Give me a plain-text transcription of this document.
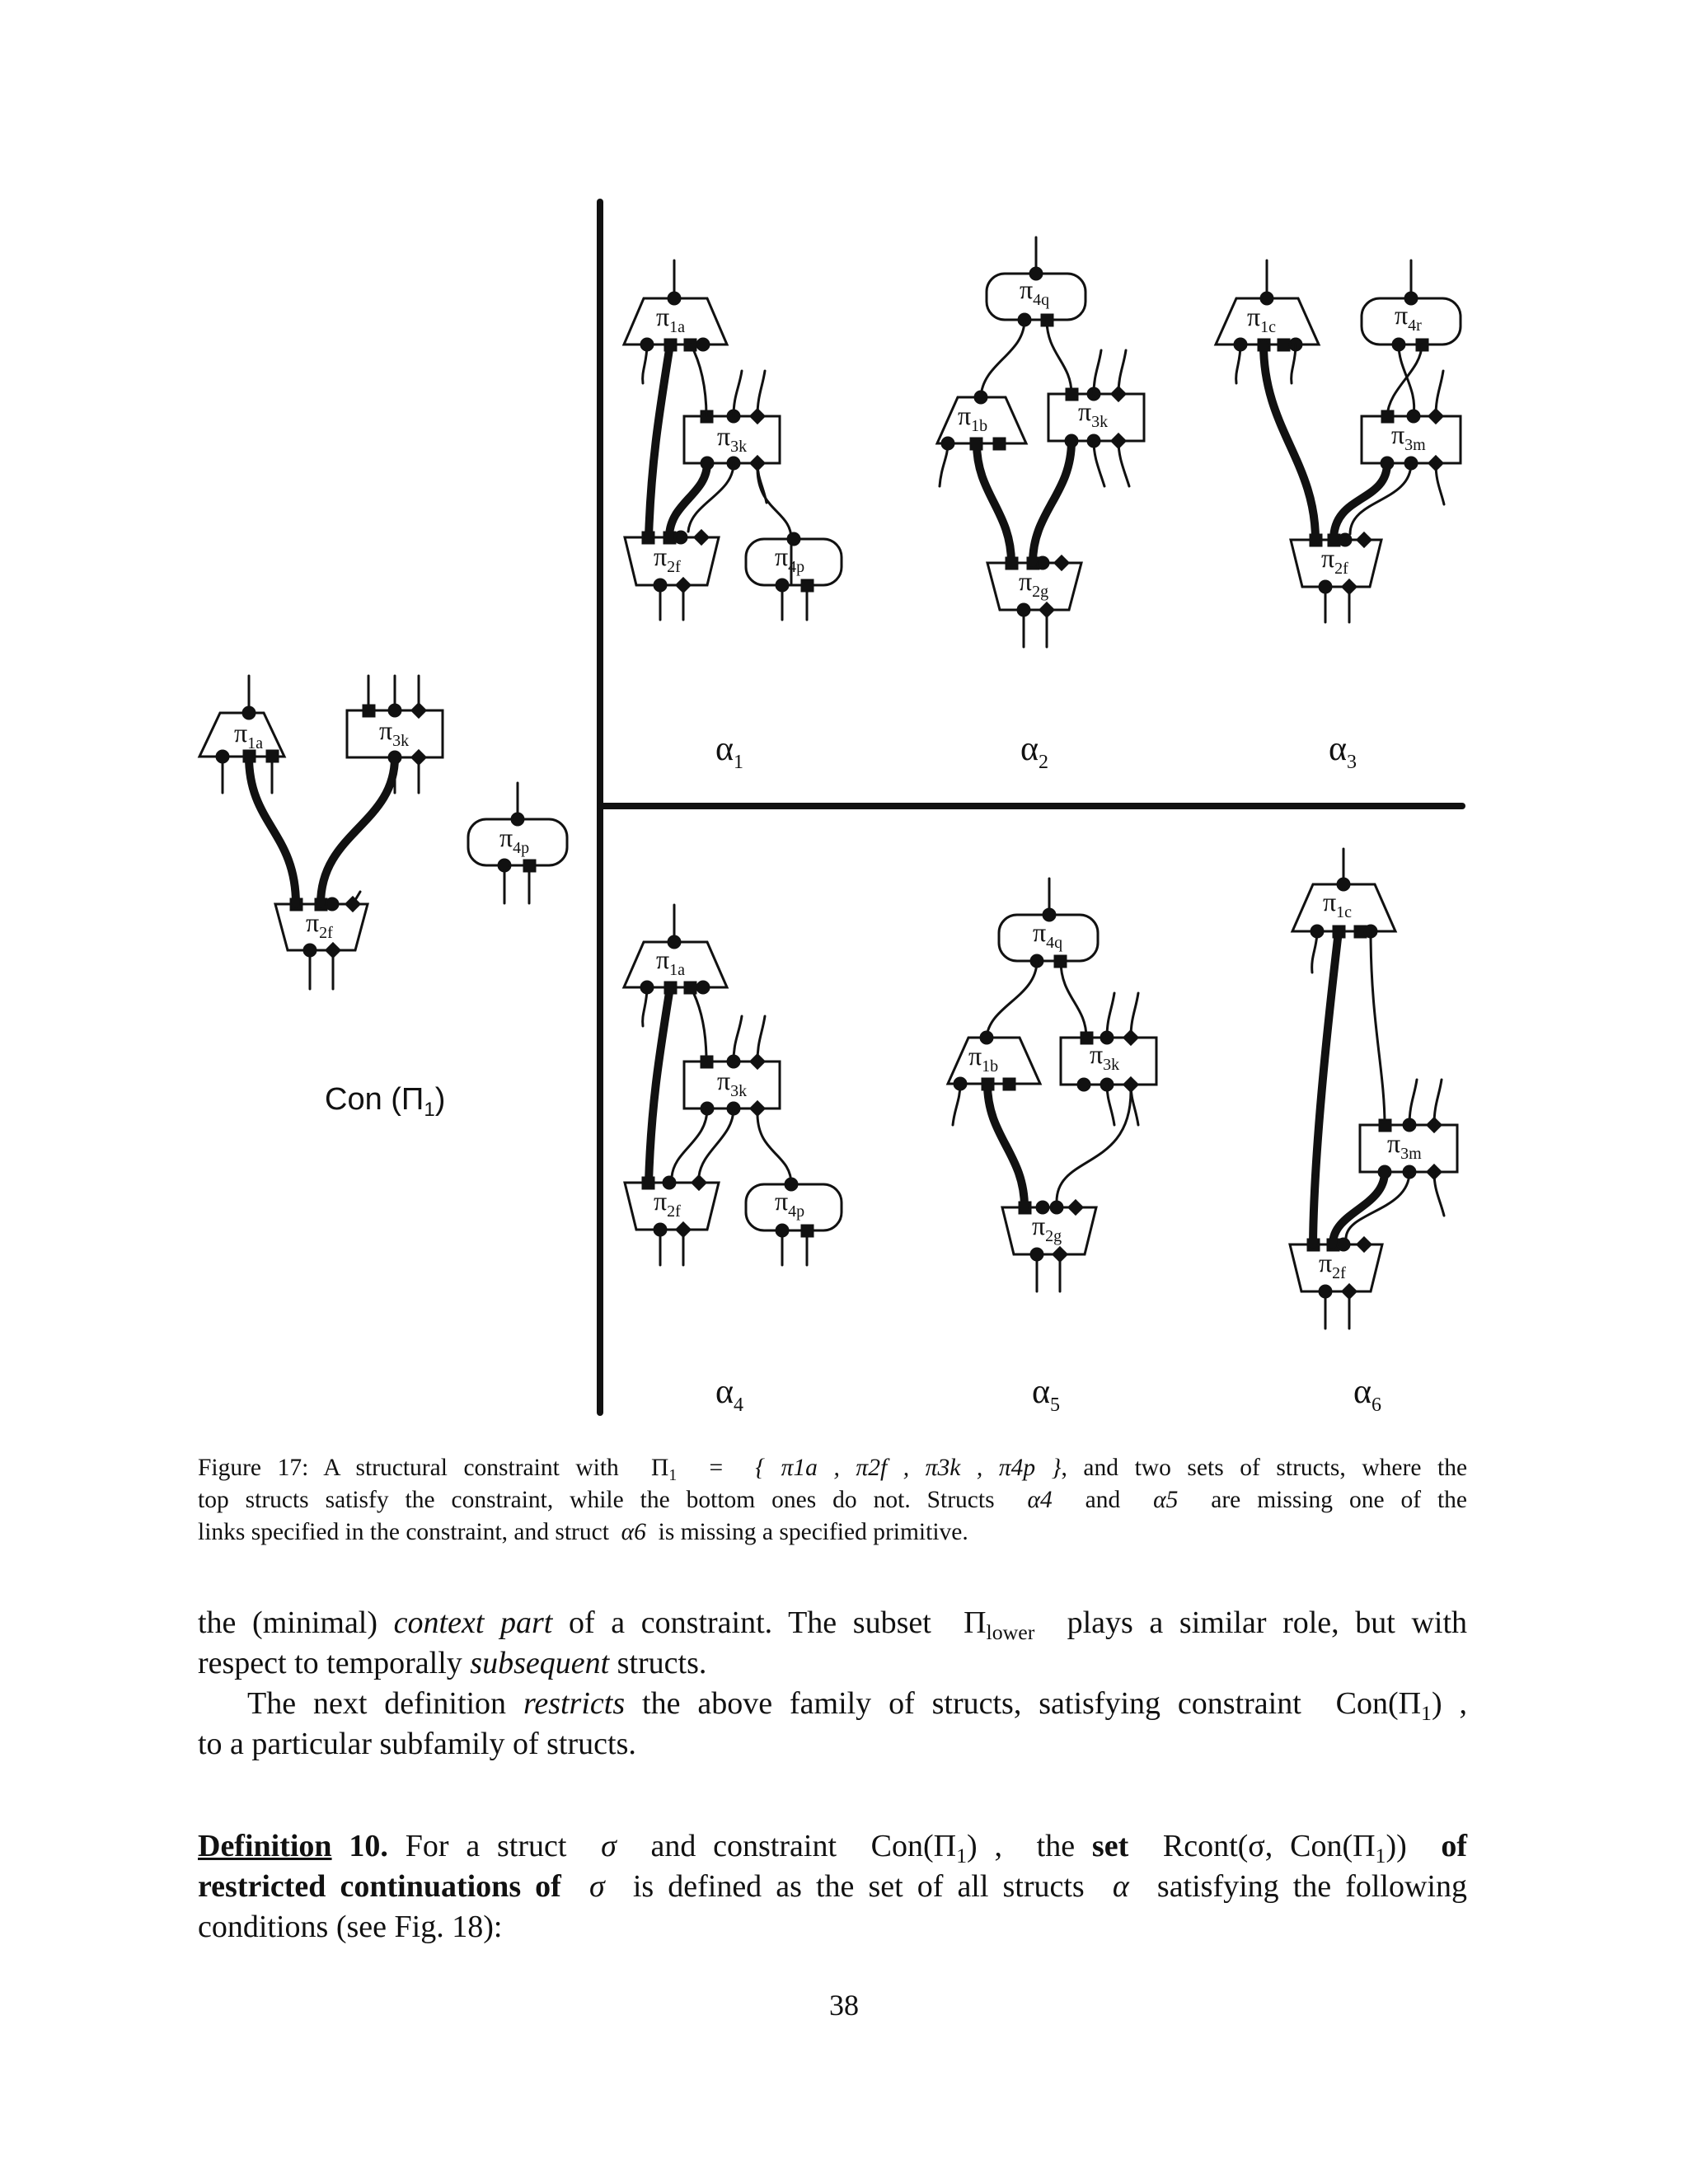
Con $(\Pi_1)$
$\pi_{1a}$	$\pi_{3k}$
$\pi_{2f}$
$\pi_{4p}$
$\pi_{1a}$
$\pi_{3k}$
$\pi_{2f}$	$\pi_{4p}$
$\pi_{4q}$
$\pi_{1b}$	$\pi_{3k}$
$\pi_{2g}$
$\pi_{1c}$	$\pi_{4r}$
$\pi_{3m}$
$\pi_{2f}$
$\pi_{1a}$
$\pi_{3k}$
$\pi_{2f}$	$\pi_{4p}$
$\pi_{4q}$
$\pi_{1b}$	$\pi_{3k}$
$\pi_{2g}$
$\pi_{1c}$
$\pi_{3m}$
$\pi_{2f}$
$\alpha_1$	$\alpha_2$	$\alpha_3$
$\alpha_4$	$\alpha_5$	$\alpha_6$
Figure 17: A structural constraint with $\Pi_1$ = { π1a , π2f , π3k , π4p }, and two sets of structs, where the
top structs satisfy the constraint, while the bottom ones do not. Structs α4 and α5 are missing one of the
links specified in the constraint, and struct α6 is missing a specified primitive.
the (minimal) context part of a constraint. The subset $\Pi_{lower}$ plays a similar role, but with
respect to temporally subsequent structs.
The next definition restricts the above family of structs, satisfying constraint $Con(\Pi_1)$ ,
to a particular subfamily of structs.
Definition 10. For a struct σ and constraint $Con(\Pi_1)$ , the set Rcont(σ, $Con(\Pi_1)$) of
restricted continuations of σ is defined as the set of all structs α satisfying the following
conditions (see Fig. 18):
38
